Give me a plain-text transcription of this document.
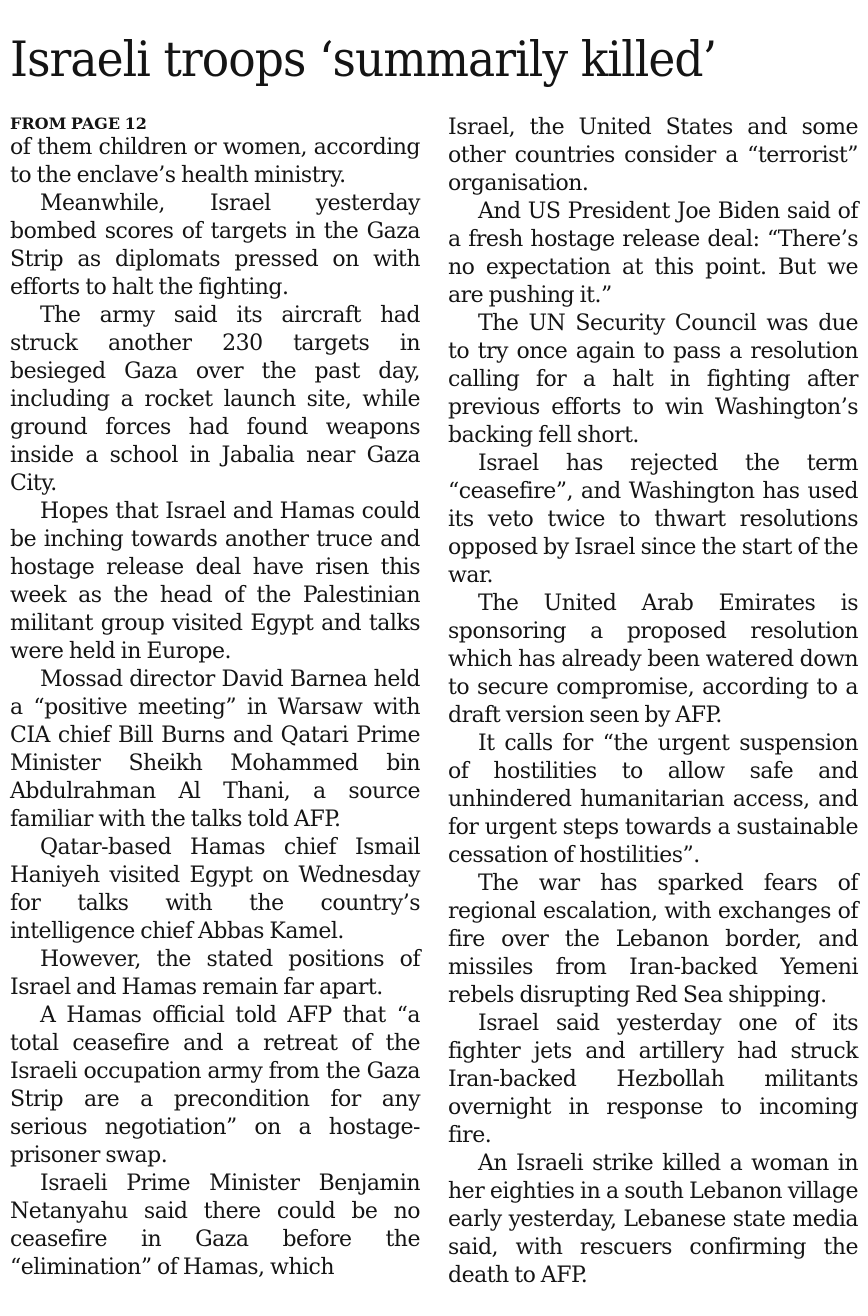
Israeli troops ‘summarily killed’
FROM PAGE 12

of them children or women, according to the enclave’s health ministry.

Meanwhile, Israel yesterday bombed scores of targets in the Gaza Strip as diplomats pressed on with efforts to halt the fighting.

The army said its aircraft had struck another 230 targets in besieged Gaza over the past day, including a rocket launch site, while ground forces had found weapons inside a school in Jabalia near Gaza City.

Hopes that Israel and Hamas could be inching towards another truce and hostage release deal have risen this week as the head of the Palestinian militant group visited Egypt and talks were held in Europe.

Mossad director David Barnea held a “positive meeting” in Warsaw with CIA chief Bill Burns and Qatari Prime Minister Sheikh Mohammed bin Abdulrahman Al Thani, a source familiar with the talks told AFP.

Qatar-based Hamas chief Ismail Haniyeh visited Egypt on Wednesday for talks with the country’s intelligence chief Abbas Kamel.

However, the stated positions of Israel and Hamas remain far apart.

A Hamas official told AFP that “a total ceasefire and a retreat of the Israeli occupation army from the Gaza Strip are a precondition for any serious negotiation” on a hostage-prisoner swap.

Israeli Prime Minister Benjamin Netanyahu said there could be no ceasefire in Gaza before the “elimination” of Hamas, which

Israel, the United States and some other countries consider a “terrorist” organisation.

And US President Joe Biden said of a fresh hostage release deal: “There’s no expectation at this point. But we are pushing it.”

The UN Security Council was due to try once again to pass a resolution calling for a halt in fighting after previous efforts to win Washington’s backing fell short.

Israel has rejected the term “ceasefire”, and Washington has used its veto twice to thwart resolutions opposed by Israel since the start of the war.

The United Arab Emirates is sponsoring a proposed resolution which has already been watered down to secure compromise, according to a draft version seen by AFP.

It calls for “the urgent suspension of hostilities to allow safe and unhindered humanitarian access, and for urgent steps towards a sustainable cessation of hostilities”.

The war has sparked fears of regional escalation, with exchanges of fire over the Lebanon border, and missiles from Iran-backed Yemeni rebels disrupting Red Sea shipping.

Israel said yesterday one of its fighter jets and artillery had struck Iran-backed Hezbollah militants overnight in response to incoming fire.

An Israeli strike killed a woman in her eighties in a south Lebanon village early yesterday, Lebanese state media said, with rescuers confirming the death to AFP.
